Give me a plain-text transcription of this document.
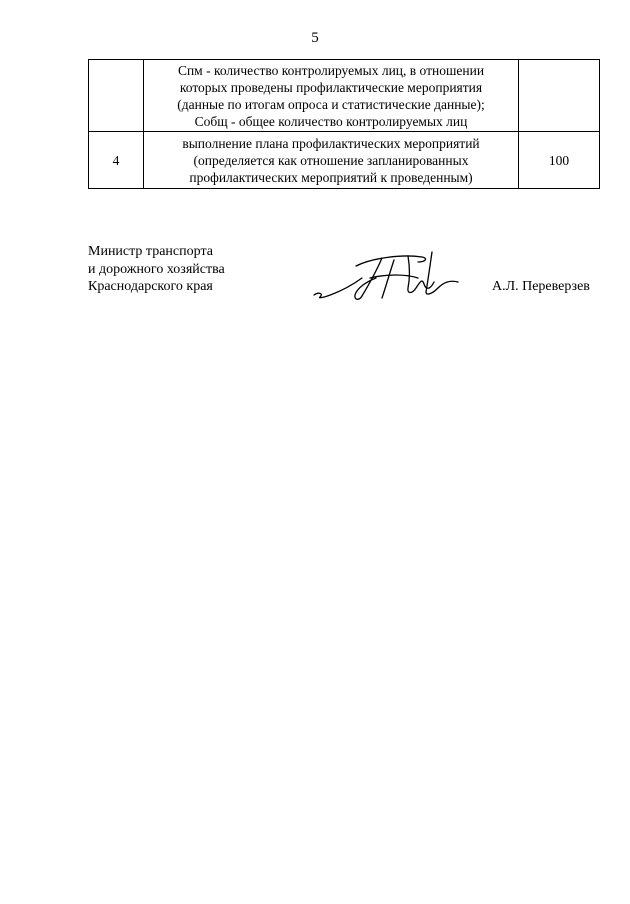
5

	Спм - количество контролируемых лиц, в отношении
которых проведены профилактические мероприятия
(данные по итогам опроса и статистические данные);
Собщ - общее количество контролируемых лиц	

4	выполнение плана профилактических мероприятий
(определяется как отношение запланированных
профилактических мероприятий к проведенным)	100
Министр транспорта
и дорожного хозяйства
Краснодарского края	А.Л. Переверзев
